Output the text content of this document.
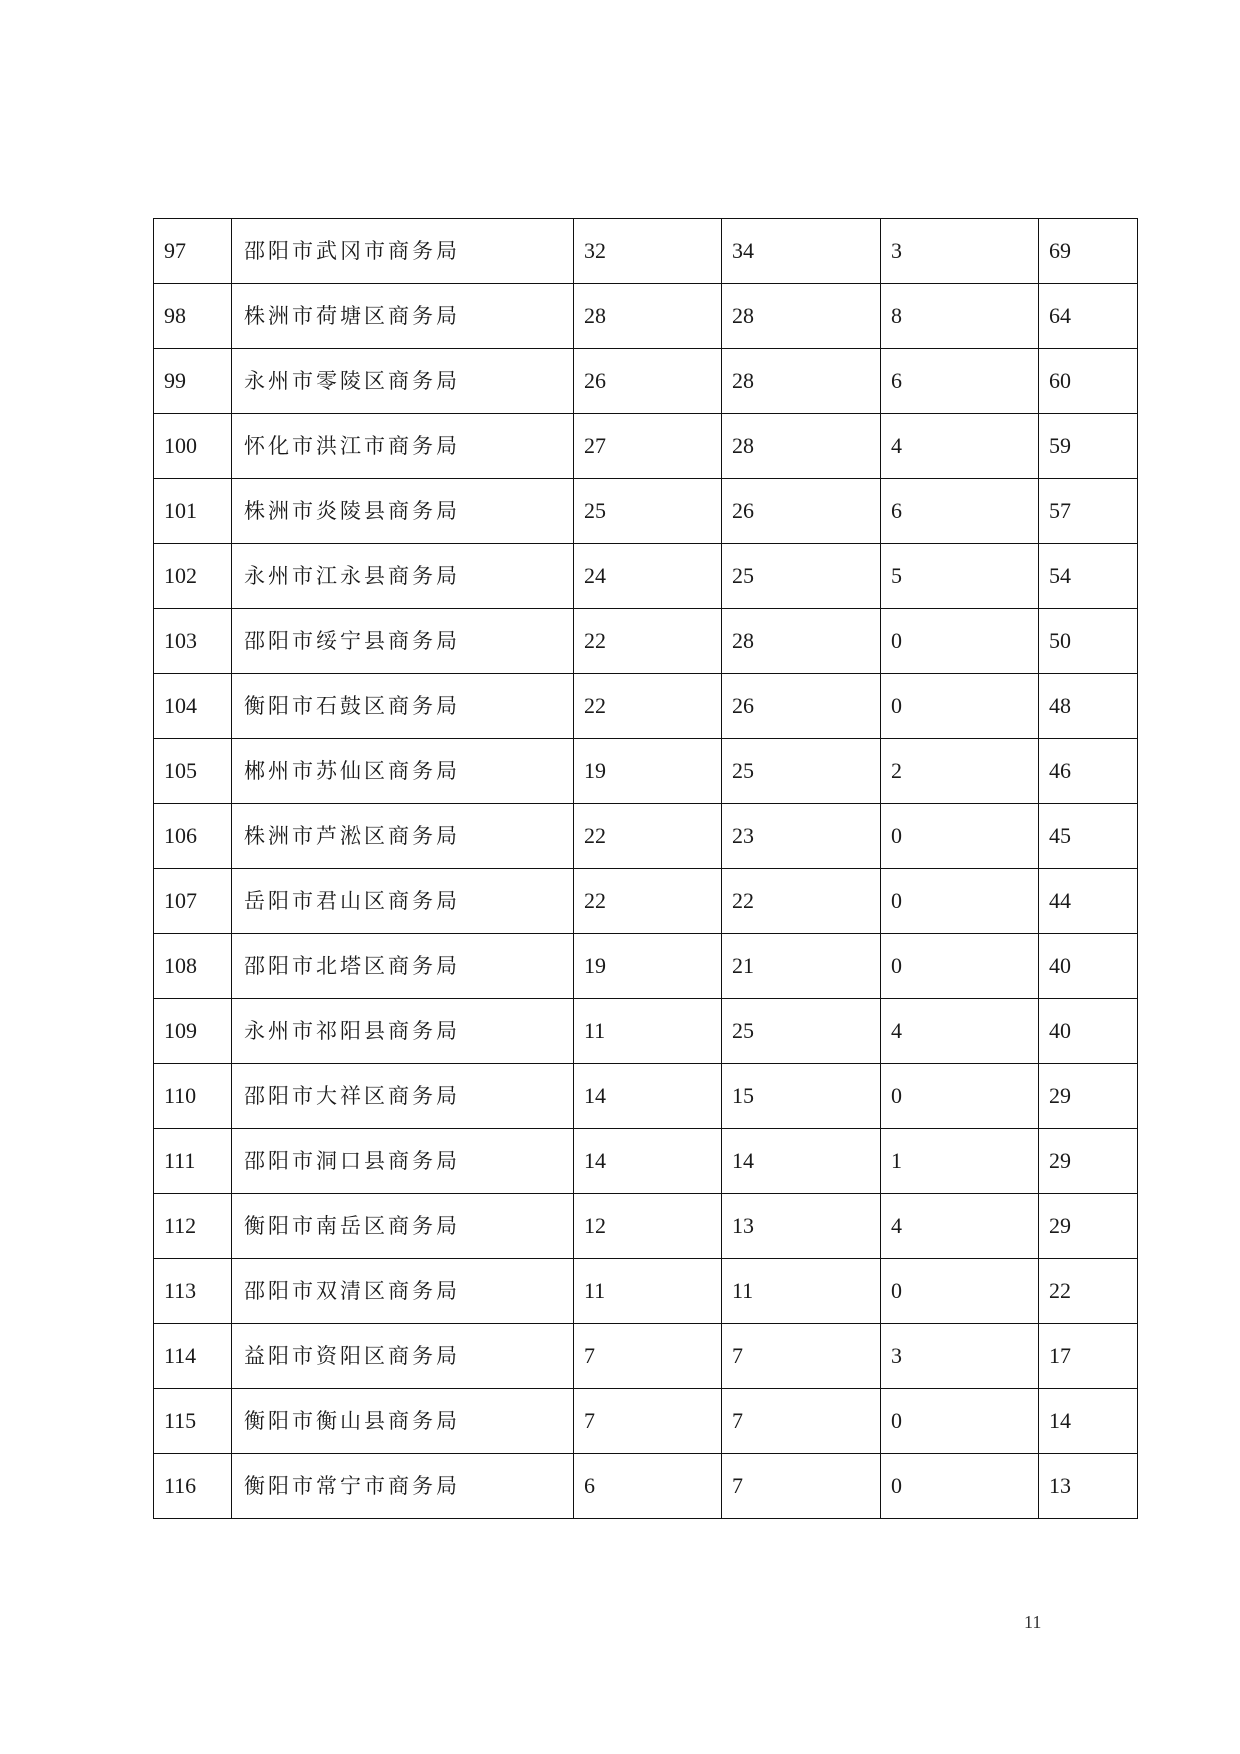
97	邵阳市武冈市商务局	32	34	3	69
98	株洲市荷塘区商务局	28	28	8	64
99	永州市零陵区商务局	26	28	6	60
100	怀化市洪江市商务局	27	28	4	59
101	株洲市炎陵县商务局	25	26	6	57
102	永州市江永县商务局	24	25	5	54
103	邵阳市绥宁县商务局	22	28	0	50
104	衡阳市石鼓区商务局	22	26	0	48
105	郴州市苏仙区商务局	19	25	2	46
106	株洲市芦淞区商务局	22	23	0	45
107	岳阳市君山区商务局	22	22	0	44
108	邵阳市北塔区商务局	19	21	0	40
109	永州市祁阳县商务局	11	25	4	40
110	邵阳市大祥区商务局	14	15	0	29
111	邵阳市洞口县商务局	14	14	1	29
112	衡阳市南岳区商务局	12	13	4	29
113	邵阳市双清区商务局	11	11	0	22
114	益阳市资阳区商务局	7	7	3	17
115	衡阳市衡山县商务局	7	7	0	14
116	衡阳市常宁市商务局	6	7	0	13
11
